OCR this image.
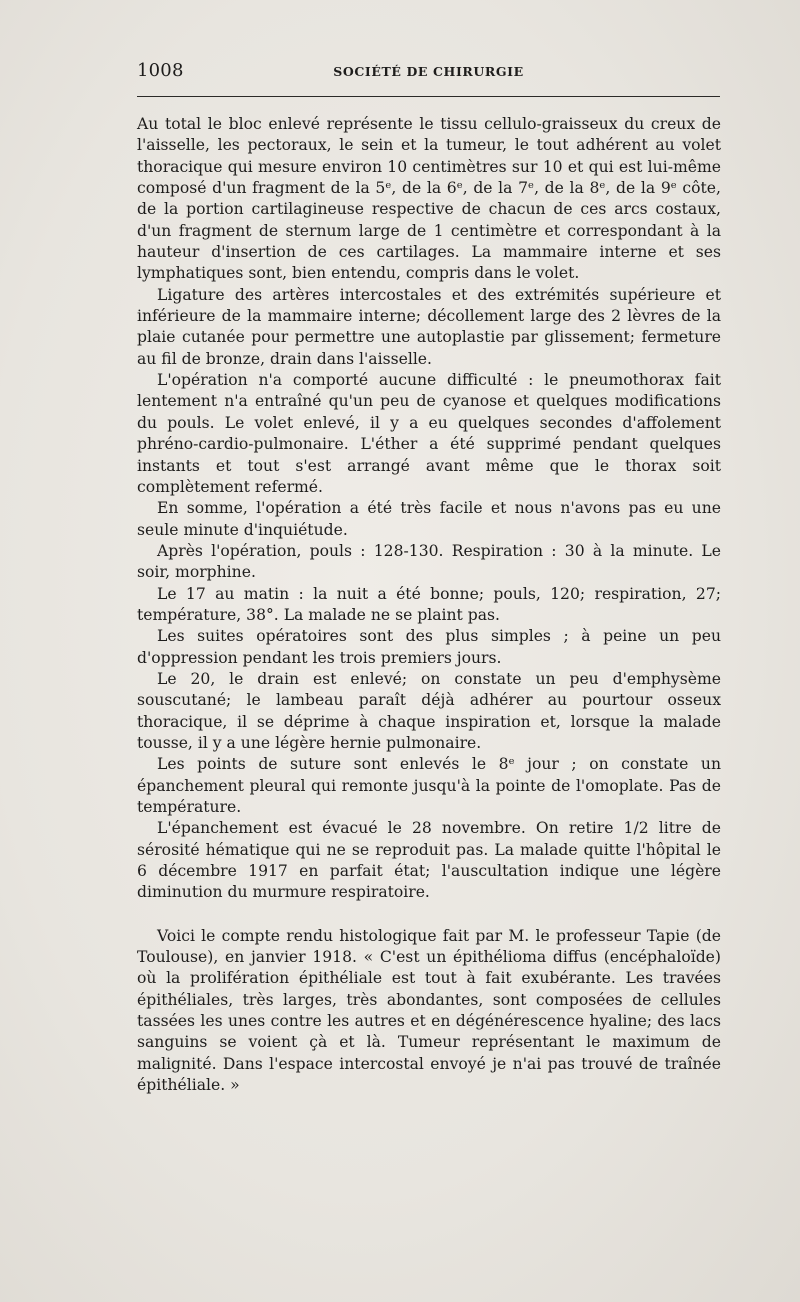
1008	SOCIÉTÉ DE CHIRURGIE

Au total le bloc enlevé représente le tissu cellulo-graisseux du creux de l'aisselle, les pectoraux, le sein et la tumeur, le tout adhérent au volet thoracique qui mesure environ 10 centimètres sur 10 et qui est lui-même composé d'un fragment de la 5ᵉ, de la 6ᵉ, de la 7ᵉ, de la 8ᵉ, de la 9ᵉ côte, de la portion cartilagineuse respective de chacun de ces arcs costaux, d'un fragment de sternum large de 1 centimètre et correspondant à la hauteur d'insertion de ces cartilages. La mammaire interne et ses lymphatiques sont, bien entendu, compris dans le volet.

Ligature des artères intercostales et des extrémités supérieure et inférieure de la mammaire interne; décollement large des 2 lèvres de la plaie cutanée pour permettre une autoplastie par glissement; fermeture au fil de bronze, drain dans l'aisselle.

L'opération n'a comporté aucune difficulté : le pneumothorax fait lentement n'a entraîné qu'un peu de cyanose et quelques modifications du pouls. Le volet enlevé, il y a eu quelques secondes d'affolement phréno-cardio-pulmonaire. L'éther a été supprimé pendant quelques instants et tout s'est arrangé avant même que le thorax soit complètement refermé.

En somme, l'opération a été très facile et nous n'avons pas eu une seule minute d'inquiétude.

Après l'opération, pouls : 128-130. Respiration : 30 à la minute. Le soir, morphine.

Le 17 au matin : la nuit a été bonne; pouls, 120; respiration, 27; température, 38°. La malade ne se plaint pas.

Les suites opératoires sont des plus simples ; à peine un peu d'oppression pendant les trois premiers jours.

Le 20, le drain est enlevé; on constate un peu d'emphysème souscutané; le lambeau paraît déjà adhérer au pourtour osseux thoracique, il se déprime à chaque inspiration et, lorsque la malade tousse, il y a une légère hernie pulmonaire.

Les points de suture sont enlevés le 8ᵉ jour ; on constate un épanchement pleural qui remonte jusqu'à la pointe de l'omoplate. Pas de température.

L'épanchement est évacué le 28 novembre. On retire 1/2 litre de sérosité hématique qui ne se reproduit pas. La malade quitte l'hôpital le 6 décembre 1917 en parfait état; l'auscultation indique une légère diminution du murmure respiratoire.

Voici le compte rendu histologique fait par M. le professeur Tapie (de Toulouse), en janvier 1918. « C'est un épithélioma diffus (encéphaloïde) où la prolifération épithéliale est tout à fait exubérante. Les travées épithéliales, très larges, très abondantes, sont composées de cellules tassées les unes contre les autres et en dégénérescence hyaline; des lacs sanguins se voient çà et là. Tumeur représentant le maximum de malignité. Dans l'espace intercostal envoyé je n'ai pas trouvé de traînée épithéliale. »
